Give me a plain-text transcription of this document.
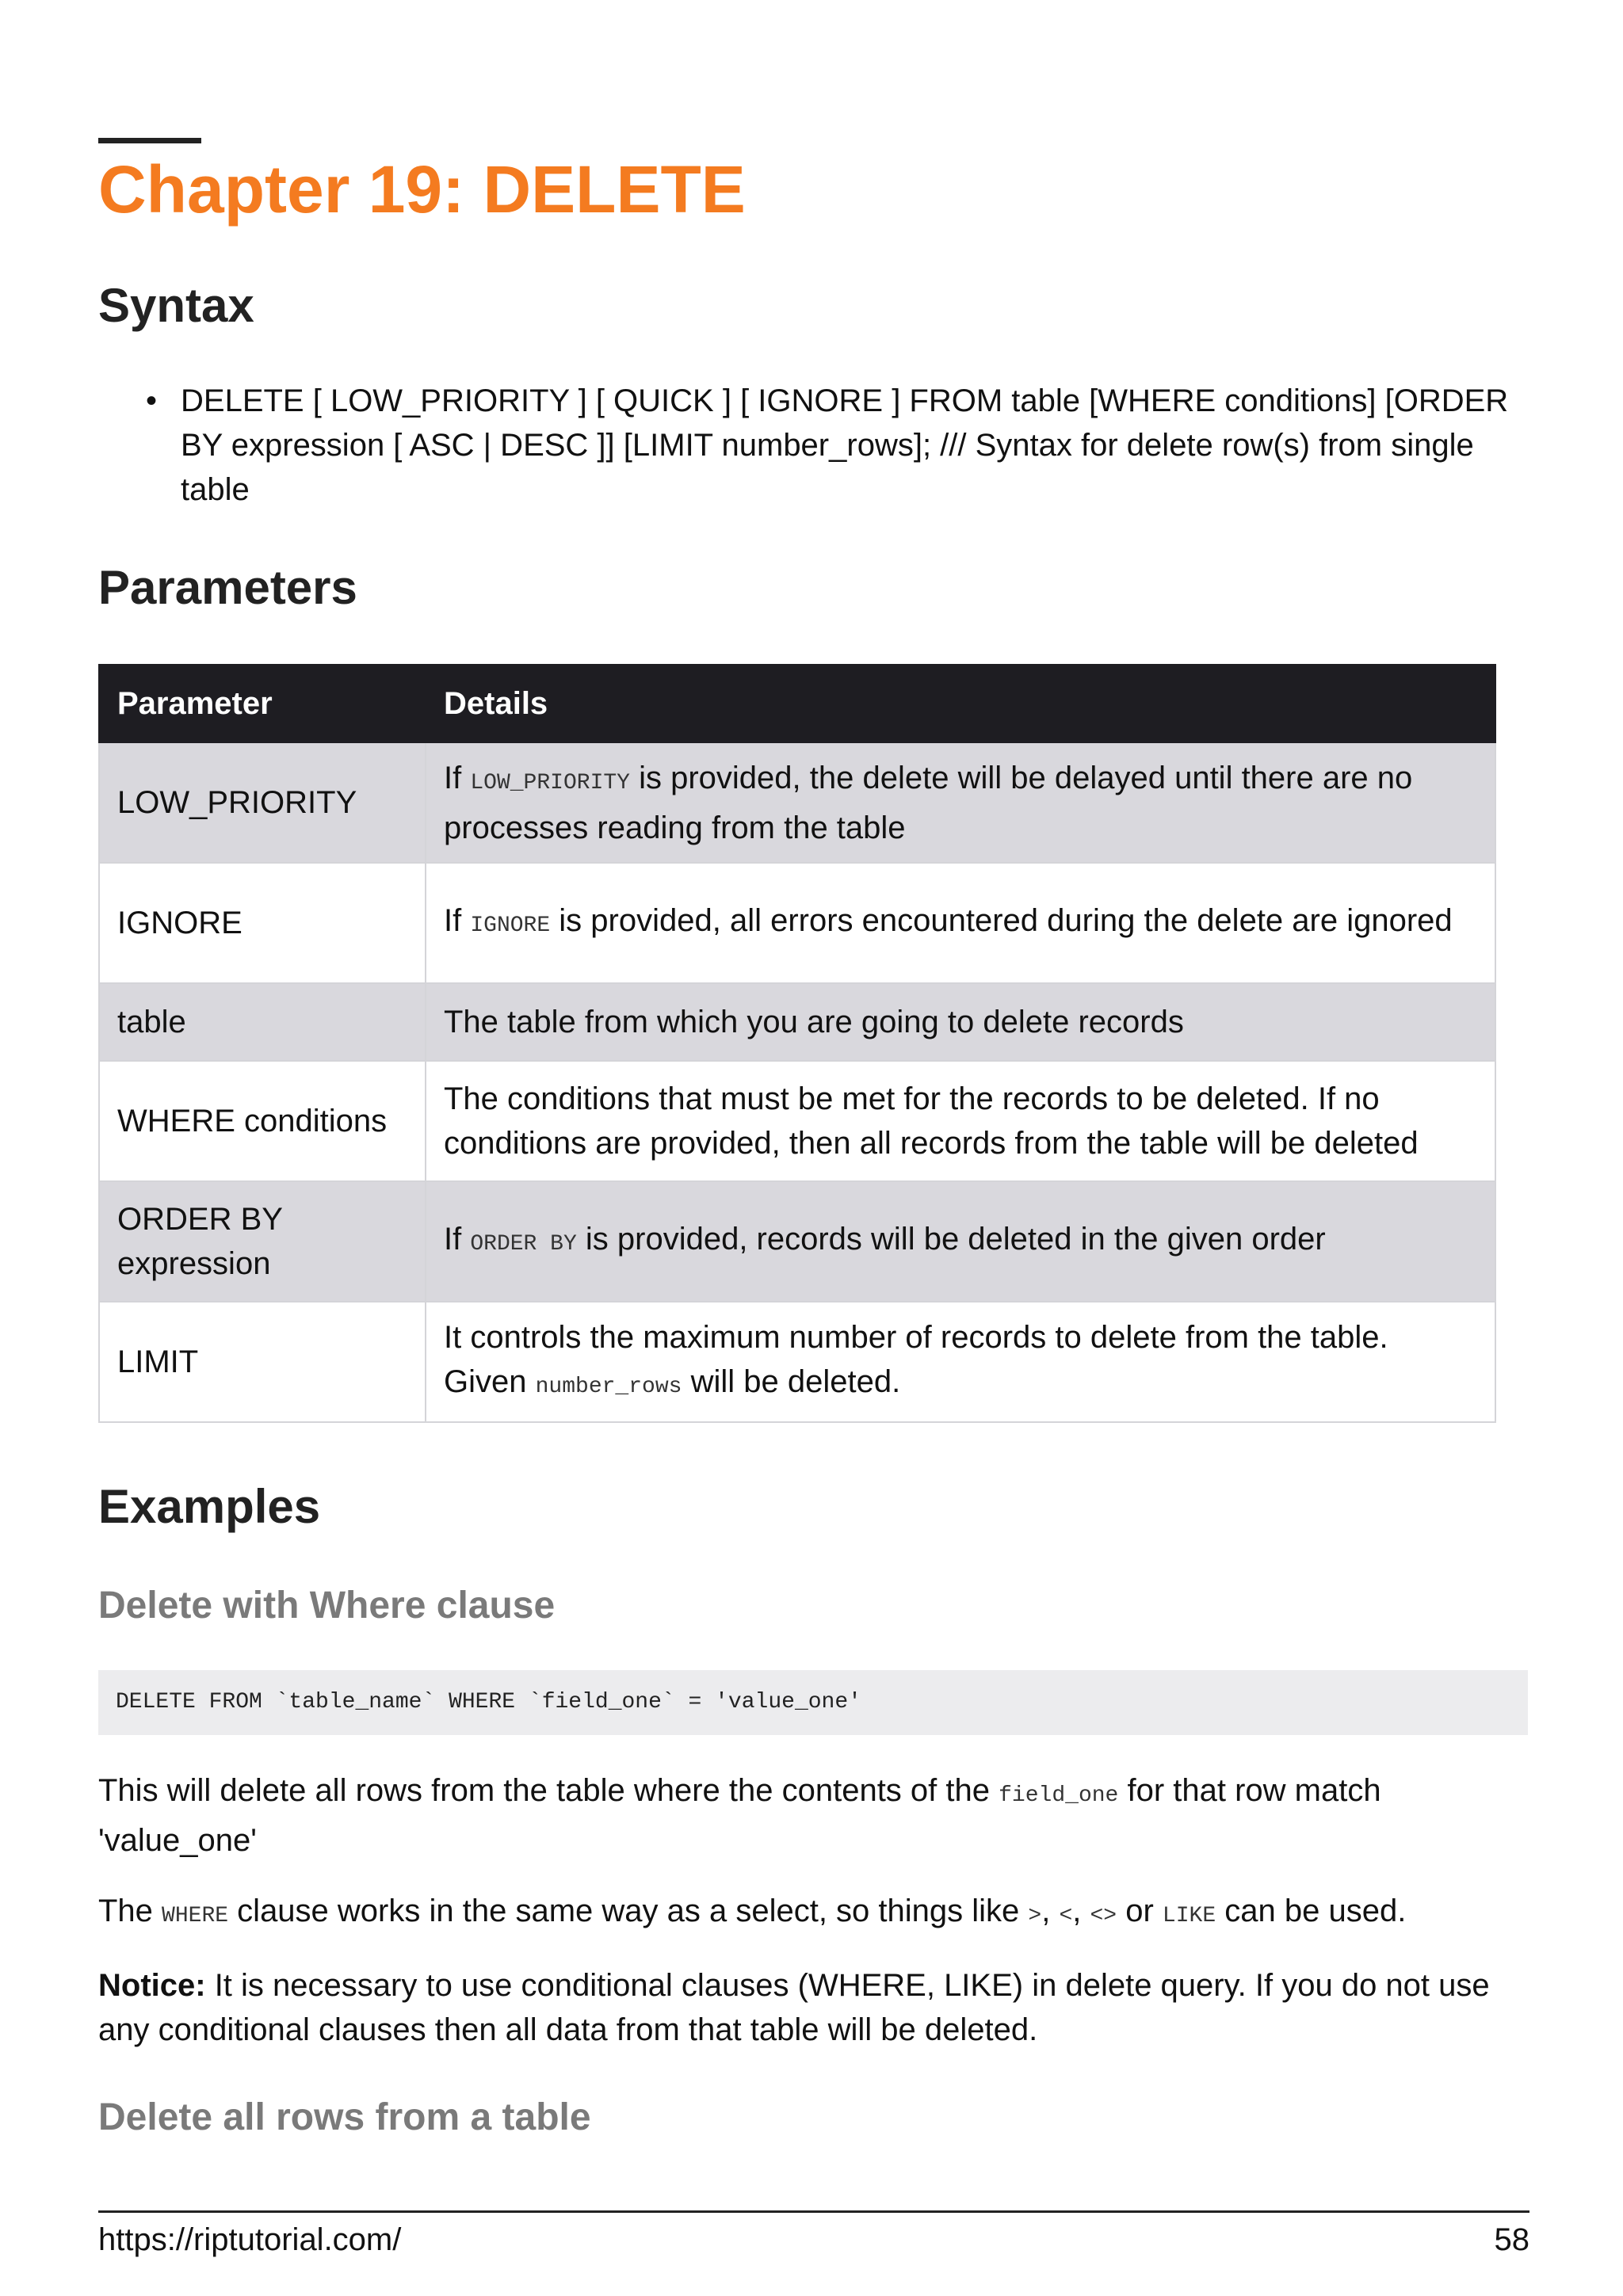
Chapter 19: DELETE
Syntax
• DELETE [ LOW_PRIORITY ] [ QUICK ] [ IGNORE ] FROM table [WHERE conditions] [ORDER BY expression [ ASC | DESC ]] [LIMIT number_rows]; /// Syntax for delete row(s) from single table
Parameters
Parameter	Details
LOW_PRIORITY	If LOW_PRIORITY is provided, the delete will be delayed until there are no processes reading from the table
IGNORE	If IGNORE is provided, all errors encountered during the delete are ignored
table	The table from which you are going to delete records
WHERE conditions	The conditions that must be met for the records to be deleted. If no conditions are provided, then all records from the table will be deleted
ORDER BY expression	If ORDER BY is provided, records will be deleted in the given order
LIMIT	It controls the maximum number of records to delete from the table. Given number_rows will be deleted.
Examples
Delete with Where clause
DELETE FROM `table_name` WHERE `field_one` = 'value_one'

This will delete all rows from the table where the contents of the field_one for that row match 'value_one'

The WHERE clause works in the same way as a select, so things like >, <, <> or LIKE can be used.

Notice: It is necessary to use conditional clauses (WHERE, LIKE) in delete query. If you do not use any conditional clauses then all data from that table will be deleted.

Delete all rows from a table
https://riptutorial.com/	58
